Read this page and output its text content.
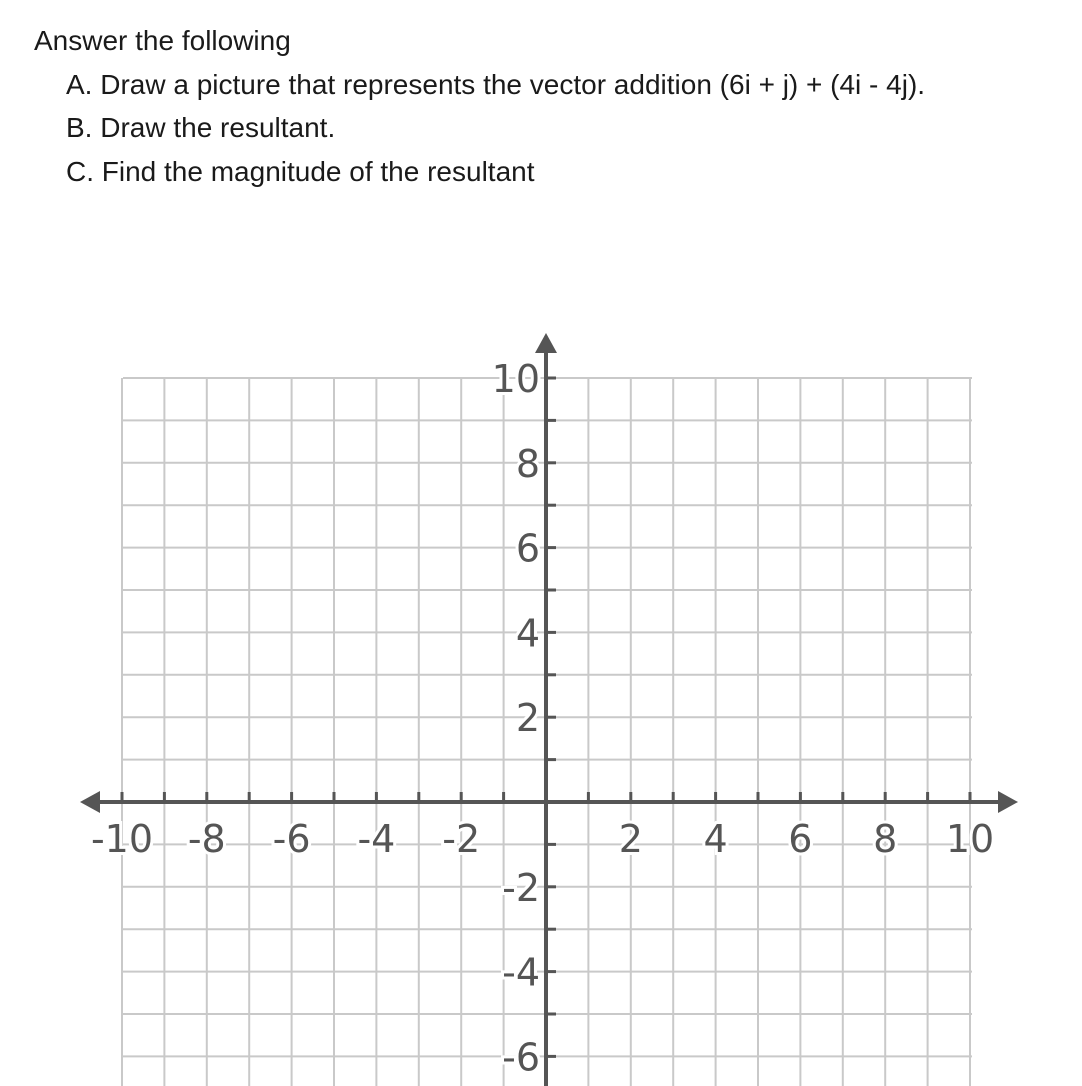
Answer the following
A. Draw a picture that represents the vector addition (6i + j) + (4i - 4j).
B. Draw the resultant.
C. Find the magnitude of the resultant
-10 -8 -6 -4 -2	2 4 6 8 10
10
8
6
4
2
-2
-4
-6
